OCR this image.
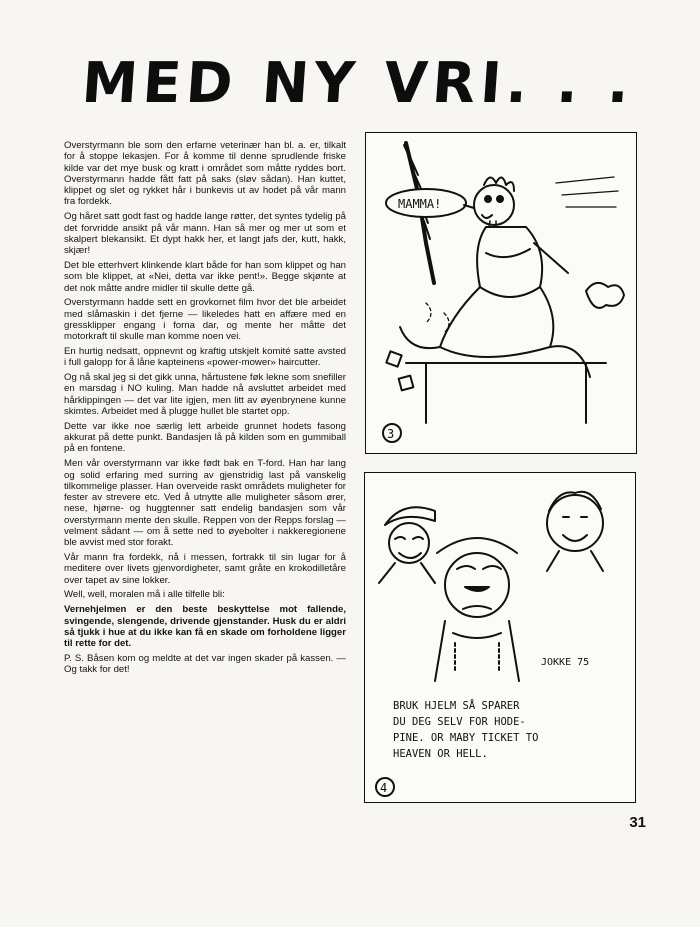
MED NY VRI. . .

Overstyrmann ble som den erfarne veterinær han bl. a. er, tilkalt for å stoppe lekasjen. For å komme til denne sprudlende friske kilde var det mye busk og kratt i området som måtte ryddes bort. Overstyrmann hadde fått fatt på saks (sløv sådan). Han kuttet, klippet og slet og rykket hår i bunkevis ut av hodet på vår mann fra fordekk.

Og håret satt godt fast og hadde lange røtter, det syntes tydelig på det forvridde ansikt på vår mann. Han så mer og mer ut som et skalpert blekansikt. Et dypt hakk her, et langt jafs der, kutt, hakk, skjær!

Det ble etterhvert klinkende klart både for han som klippet og han som ble klippet, at «Nei, detta var ikke pent!». Begge skjønte at det nok måtte andre midler til skulle dette gå.

Overstyrmann hadde sett en grovkornet film hvor det ble arbeidet med slåmaskin i det fjerne — likeledes hatt en affære med en gressklipper engang i forna dar, og mente her måtte det motorkraft til skulle man komme noen vei.

En hurtig nedsatt, oppnevnt og kraftig utskjelt komité satte avsted i full galopp for å låne kapteinens «power-mower» haircutter.

Og nå skal jeg si det gikk unna, hårtustene føk lekne som snefiller en marsdag i NO kuling. Man hadde nå avsluttet arbeidet med hårklippingen — det var lite igjen, men litt av øyenbrynene kunne skimtes. Arbeidet med å plugge hullet ble startet opp.

Dette var ikke noe særlig lett arbeide grunnet hodets fasong akkurat på dette punkt. Bandasjen lå på kilden som en gummiball på en fontene.

Men vår overstyrmann var ikke født bak en T-ford. Han har lang og solid erfaring med surring av gjenstridig last på vanskelig tilkommelige plasser. Han overveide raskt områdets muligheter for fester av strevere etc. Ved å utnytte alle muligheter såsom ører, nese, hjørne- og huggtenner satt endelig bandasjen som vår overstyrmann mente den skulle. Reppen von der Repps forslag — velment sådant — om å sette ned to øyebolter i nakkeregionene ble avvist med stor forakt.

Vår mann fra fordekk, nå i messen, fortrakk til sin lugar for å meditere over livets gjenvordigheter, samt gråte en krokodilletåre over tapet av sine lokker.

Well, well, moralen må i alle tilfelle bli:

Vernehjelmen er den beste beskyttelse mot fallende, svingende, slengende, drivende gjenstander. Husk du er aldri så tjukk i hue at du ikke kan få en skade om forholdene ligger til rette for det.

P. S. Båsen kom og meldte at det var ingen skader på kassen. — Og takk for det!

MAMMA!
3
JOKKE 75
BRUK HJELM SÅ SPARER
DU DEG SELV FOR HODE-
PINE. OR MABY TICKET TO
HEAVEN OR HELL.
4
31
